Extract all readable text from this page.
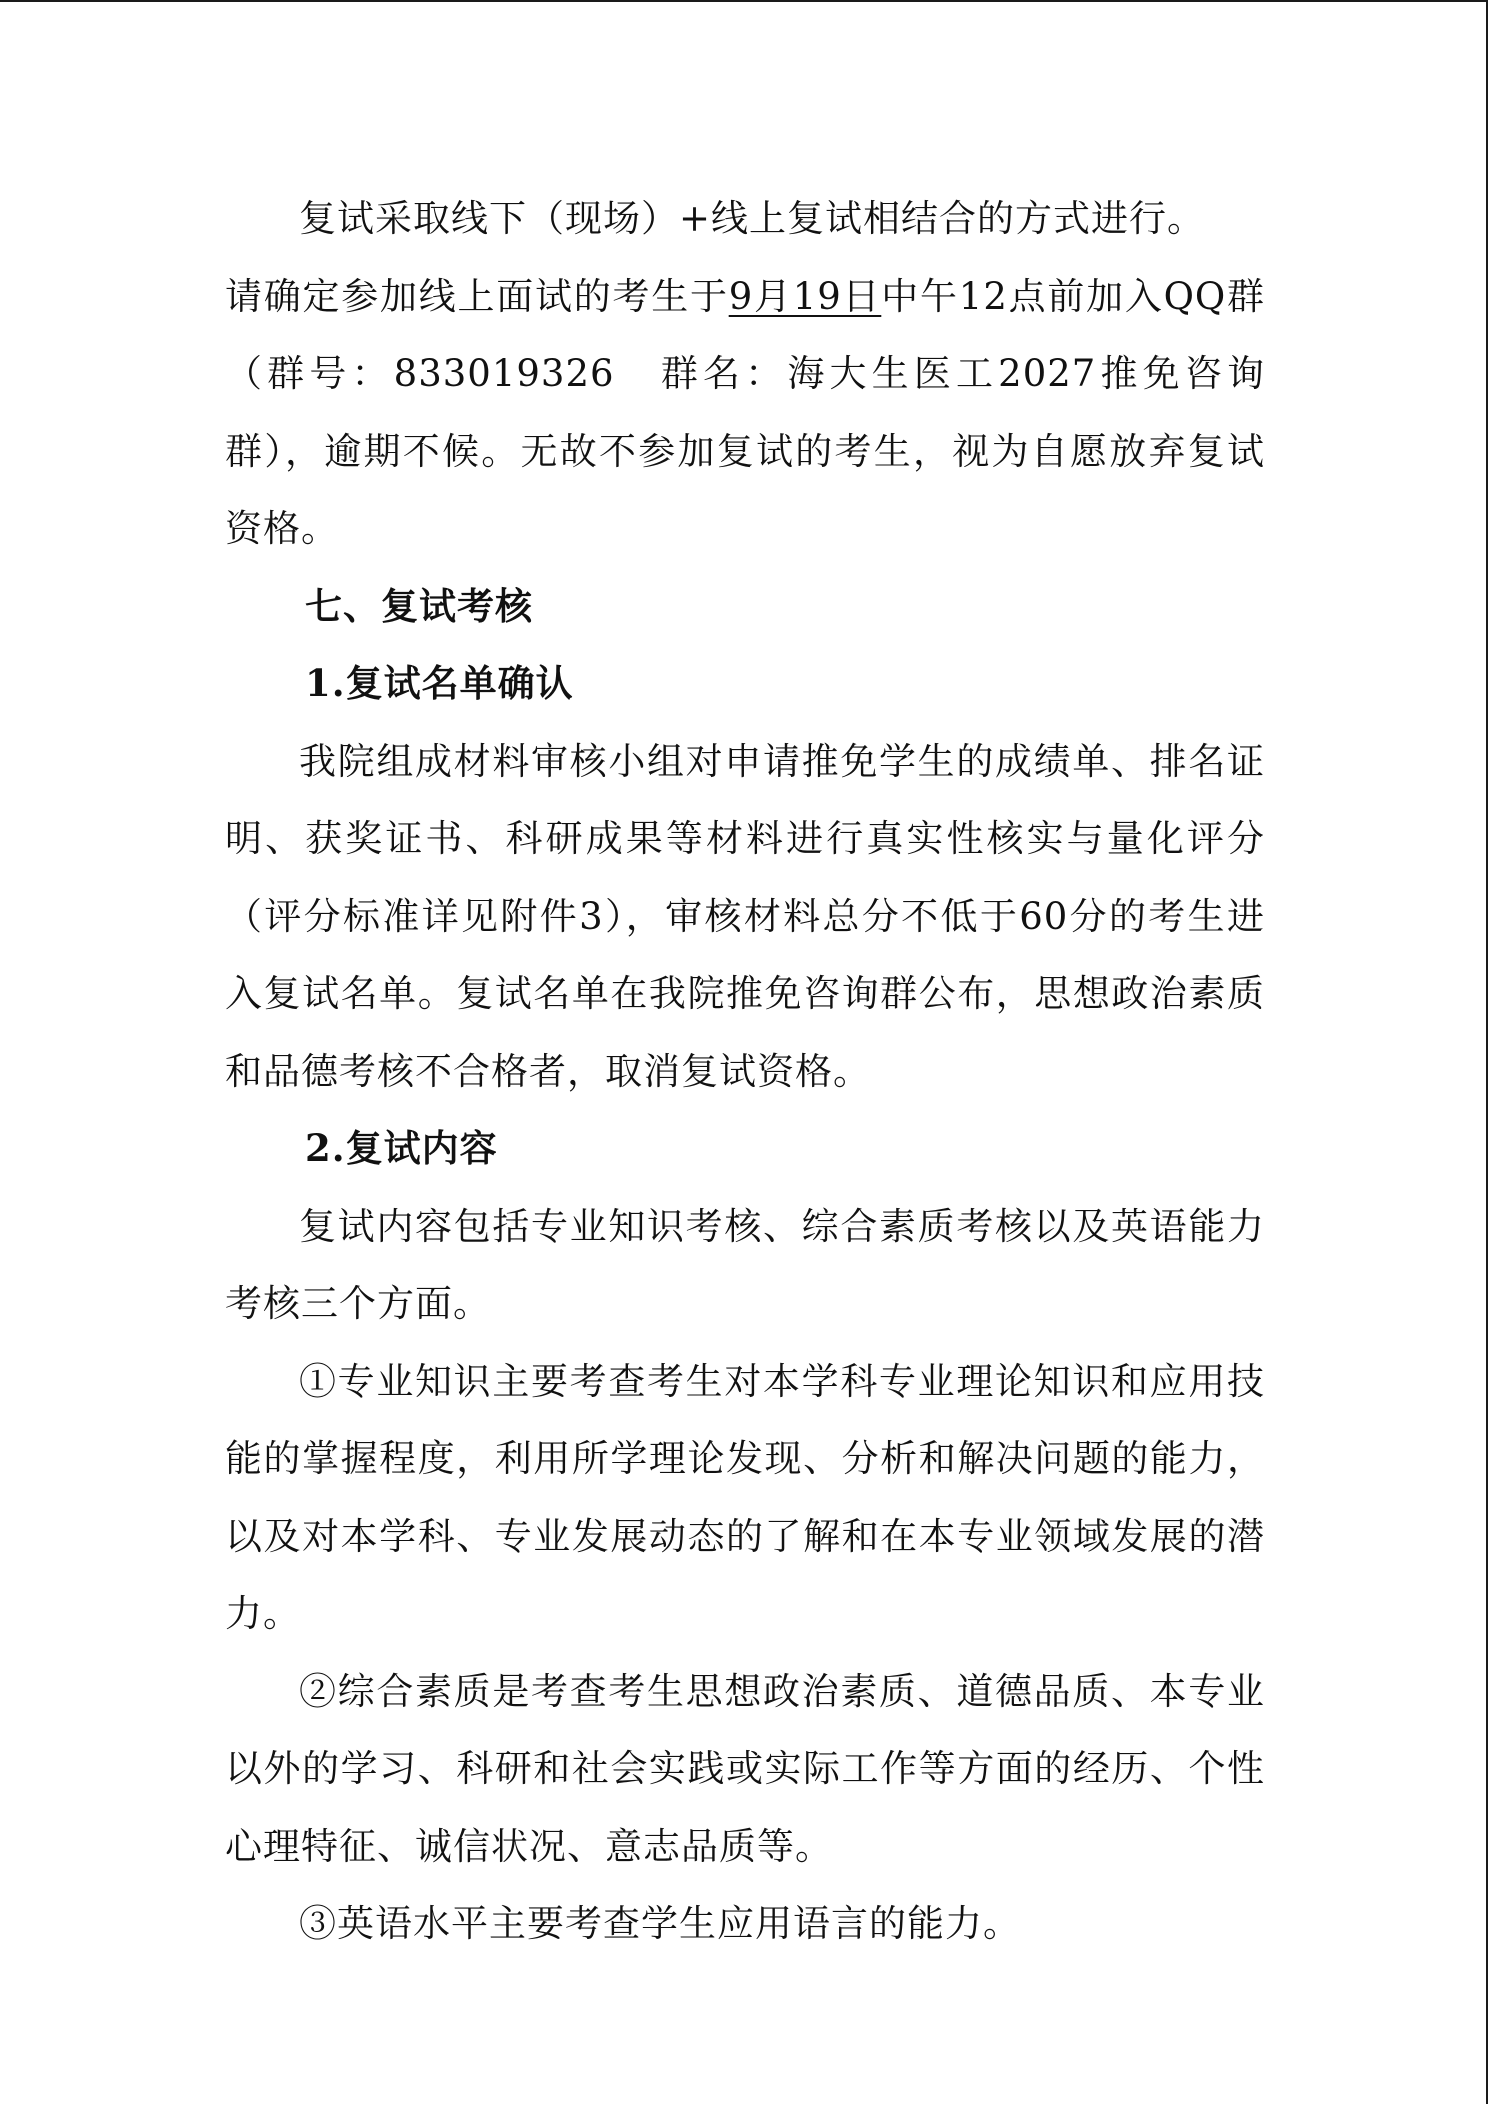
复试采取线下（现场）+线上复试相结合的方式进行。

请确定参加线上面试的考生于9月19日中午12点前加入QQ群（群号：833019326　群名：海大生医工2027推免咨询群），逾期不候。无故不参加复试的考生，视为自愿放弃复试资格。

七、复试考核

1.复试名单确认

我院组成材料审核小组对申请推免学生的成绩单、排名证明、获奖证书、科研成果等材料进行真实性核实与量化评分（评分标准详见附件3），审核材料总分不低于60分的考生进入复试名单。复试名单在我院推免咨询群公布，思想政治素质和品德考核不合格者，取消复试资格。

2.复试内容

复试内容包括专业知识考核、综合素质考核以及英语能力考核三个方面。

①专业知识主要考查考生对本学科专业理论知识和应用技能的掌握程度，利用所学理论发现、分析和解决问题的能力，以及对本学科、专业发展动态的了解和在本专业领域发展的潜力。

②综合素质是考查考生思想政治素质、道德品质、本专业以外的学习、科研和社会实践或实际工作等方面的经历、个性心理特征、诚信状况、意志品质等。

③英语水平主要考查学生应用语言的能力。
